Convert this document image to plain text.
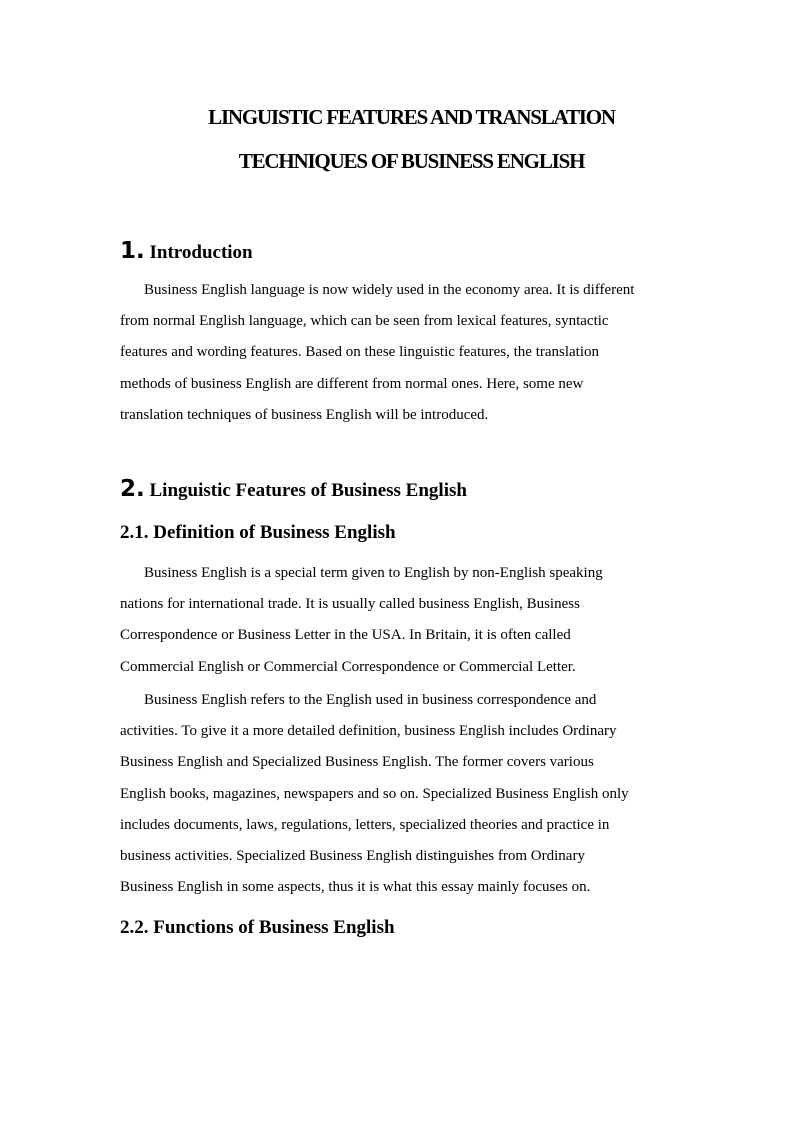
LINGUISTIC FEATURES AND TRANSLATION
TECHNIQUES OF BUSINESS ENGLISH
1. Introduction
Business English language is now widely used in the economy area. It is different
from normal English language, which can be seen from lexical features, syntactic
features and wording features. Based on these linguistic features, the translation
methods of business English are different from normal ones. Here, some new
translation techniques of business English will be introduced.
2. Linguistic Features of Business English
2.1. Definition of Business English
Business English is a special term given to English by non-English speaking
nations for international trade. It is usually called business English, Business
Correspondence or Business Letter in the USA. In Britain, it is often called
Commercial English or Commercial Correspondence or Commercial Letter.
Business English refers to the English used in business correspondence and
activities. To give it a more detailed definition, business English includes Ordinary
Business English and Specialized Business English. The former covers various
English books, magazines, newspapers and so on. Specialized Business English only
includes documents, laws, regulations, letters, specialized theories and practice in
business activities. Specialized Business English distinguishes from Ordinary
Business English in some aspects, thus it is what this essay mainly focuses on.
2.2. Functions of Business English
